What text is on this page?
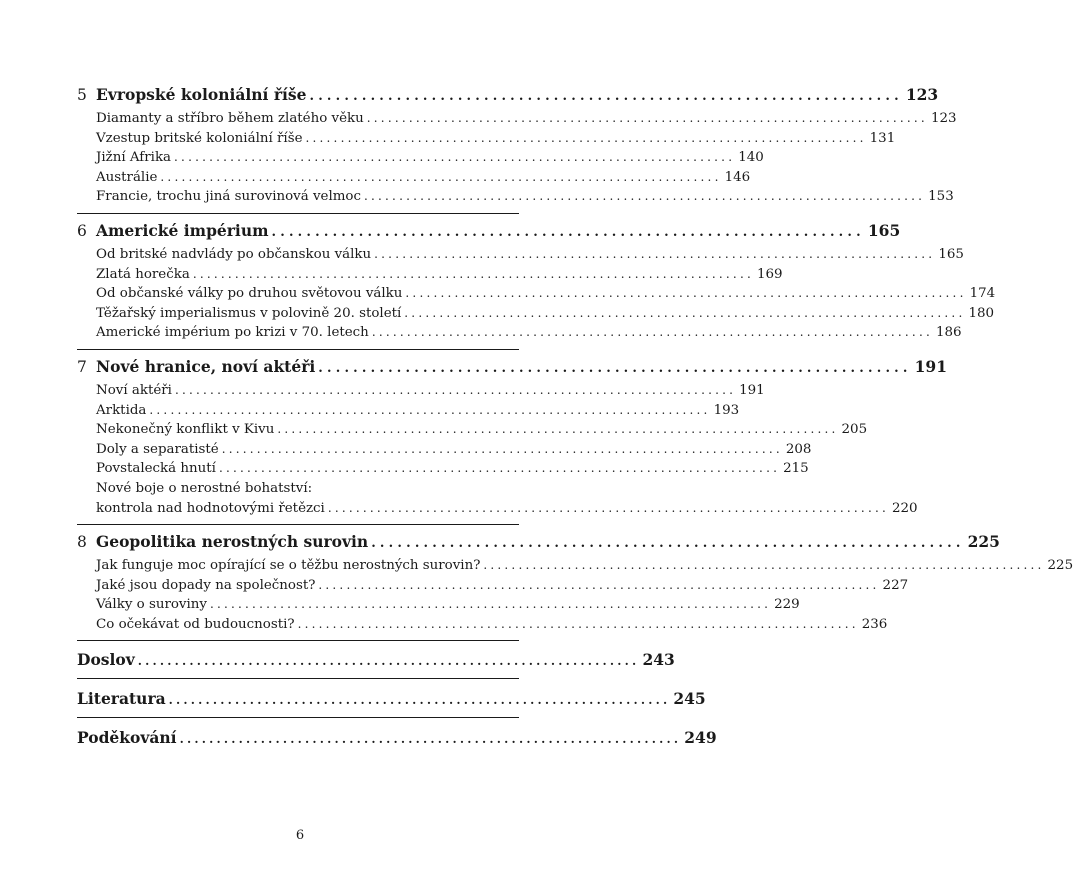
5 Evropské koloniální říše .................................................................... 123
Diamanty a stříbro během zlatého věku ................................................................................ 123
Vzestup britské koloniální říše ................................................................................ 131
Jižní Afrika ................................................................................ 140
Austrálie ................................................................................ 146
Francie, trochu jiná surovinová velmoc ................................................................................ 153
6 Americké impérium .................................................................... 165
Od britské nadvlády po občanskou válku ................................................................................ 165
Zlatá horečka ................................................................................ 169
Od občanské války po druhou světovou válku ................................................................................ 174
Těžařský imperialismus v polovině 20. století ................................................................................ 180
Americké impérium po krizi v 70. letech ................................................................................ 186
7 Nové hranice, noví aktéři .................................................................... 191
Noví aktéři ................................................................................ 191
Arktida ................................................................................ 193
Nekonečný konflikt v Kivu ................................................................................ 205
Doly a separatisté ................................................................................ 208
Povstalecká hnutí ................................................................................ 215
Nové boje o nerostné bohatství:
kontrola nad hodnotovými řetězci ................................................................................ 220
8 Geopolitika nerostných surovin .................................................................... 225
Jak funguje moc opírající se o těžbu nerostných surovin? ................................................................................ 225
Jaké jsou dopady na společnost? ................................................................................ 227
Války o suroviny ................................................................................ 229
Co očekávat od budoucnosti? ................................................................................ 236
Doslov .................................................................... 243
Literatura .................................................................... 245
Poděkování .................................................................... 249
6
